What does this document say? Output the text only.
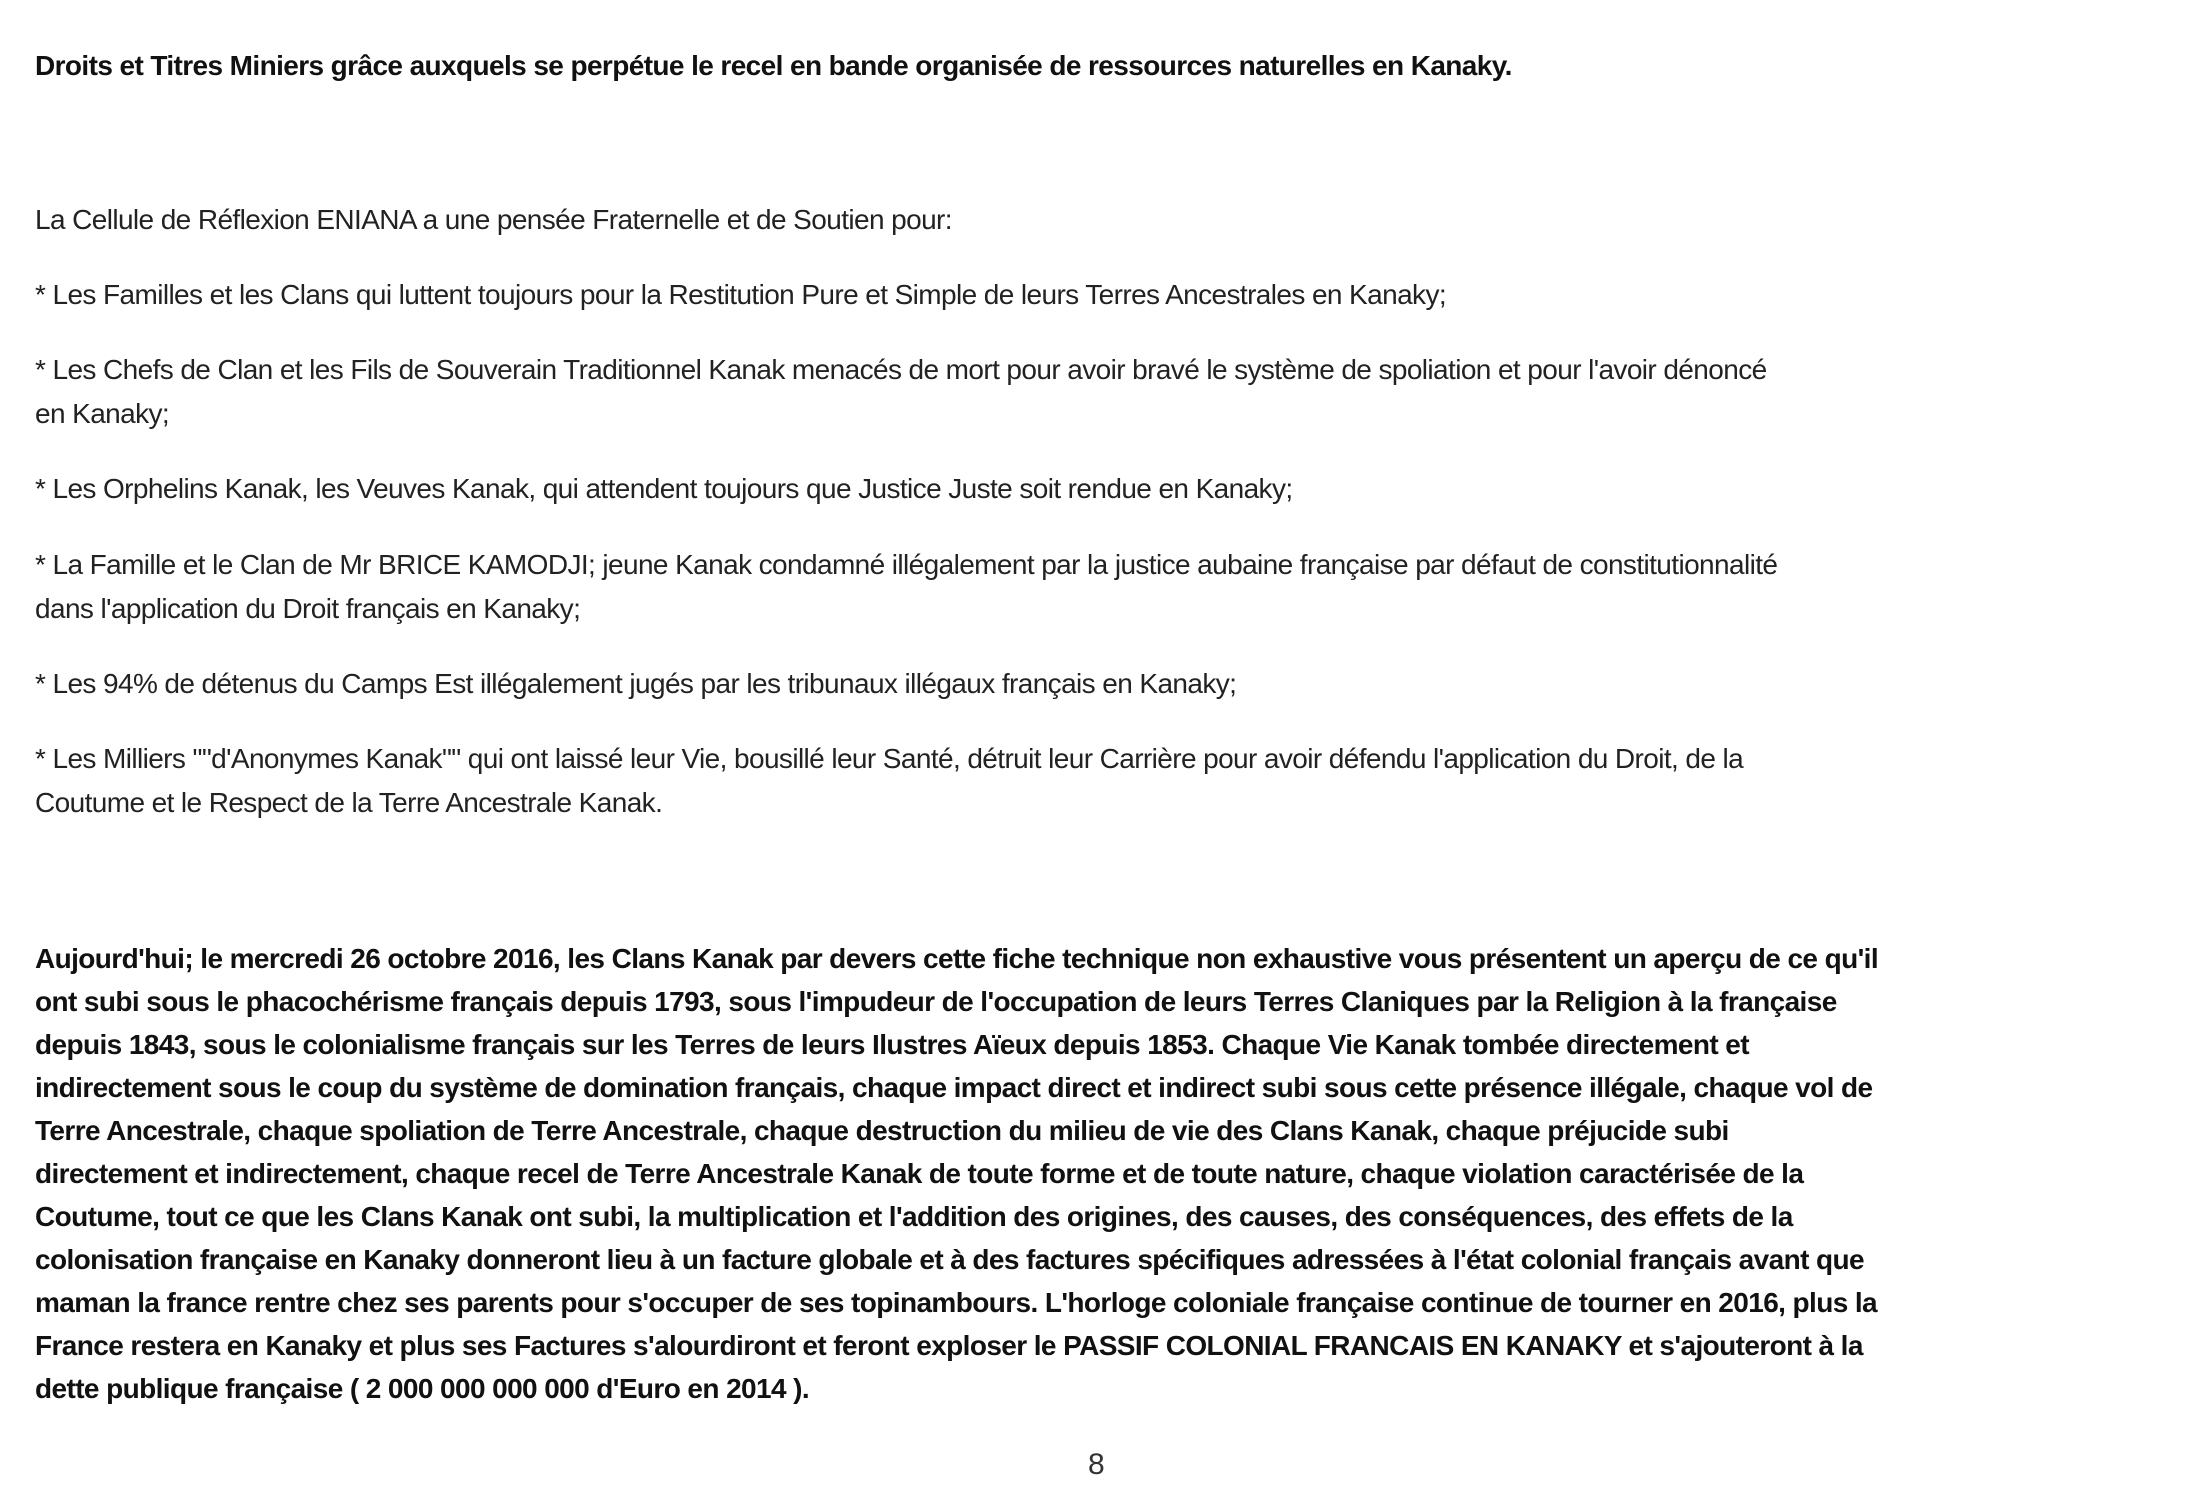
Droits et Titres Miniers grâce auxquels se perpétue le recel en bande organisée de ressources naturelles en Kanaky.
La Cellule de Réflexion ENIANA a une pensée Fraternelle et de Soutien pour:
* Les Familles et les Clans qui luttent toujours pour la Restitution Pure et Simple de leurs Terres Ancestrales en Kanaky;
* Les Chefs de Clan et les Fils de Souverain Traditionnel Kanak menacés de mort pour avoir bravé le système de spoliation et pour l'avoir dénoncé
en Kanaky;
* Les Orphelins Kanak, les Veuves Kanak, qui attendent toujours que Justice Juste soit rendue en Kanaky;
* La Famille et le Clan de Mr BRICE KAMODJI; jeune Kanak condamné illégalement par la justice aubaine française par défaut de constitutionnalité
dans l'application du Droit français en Kanaky;
* Les 94% de détenus du Camps Est illégalement jugés par les tribunaux illégaux français en Kanaky;
* Les Milliers ""d'Anonymes Kanak"" qui ont laissé leur Vie, bousillé leur Santé, détruit leur Carrière pour avoir défendu l'application du Droit, de la
Coutume et le Respect de la Terre Ancestrale Kanak.
Aujourd'hui; le mercredi 26 octobre 2016, les Clans Kanak par devers cette fiche technique non exhaustive vous présentent un aperçu de ce qu'il
ont subi sous le phacochérisme français depuis 1793, sous l'impudeur de l'occupation de leurs Terres Claniques par la Religion à la française
depuis 1843, sous le colonialisme français sur les Terres de leurs Ilustres Aïeux depuis 1853. Chaque Vie Kanak tombée directement et
indirectement sous le coup du système de domination français, chaque impact direct et indirect subi sous cette présence illégale, chaque vol de
Terre Ancestrale, chaque spoliation de Terre Ancestrale, chaque destruction du milieu de vie des Clans Kanak, chaque préjucide subi
directement et indirectement, chaque recel de Terre Ancestrale Kanak de toute forme et de toute nature, chaque violation caractérisée de la
Coutume, tout ce que les Clans Kanak ont subi, la multiplication et l'addition des origines, des causes, des conséquences, des effets de la
colonisation française en Kanaky donneront lieu à un facture globale et à des factures spécifiques adressées à l'état colonial français avant que
maman la france rentre chez ses parents pour s'occuper de ses topinambours. L'horloge coloniale française continue de tourner en 2016, plus la
France restera en Kanaky et plus ses Factures s'alourdiront et feront exploser le PASSIF COLONIAL FRANCAIS EN KANAKY et s'ajouteront à la
dette publique française ( 2 000 000 000 000 d'Euro en 2014 ).
8
